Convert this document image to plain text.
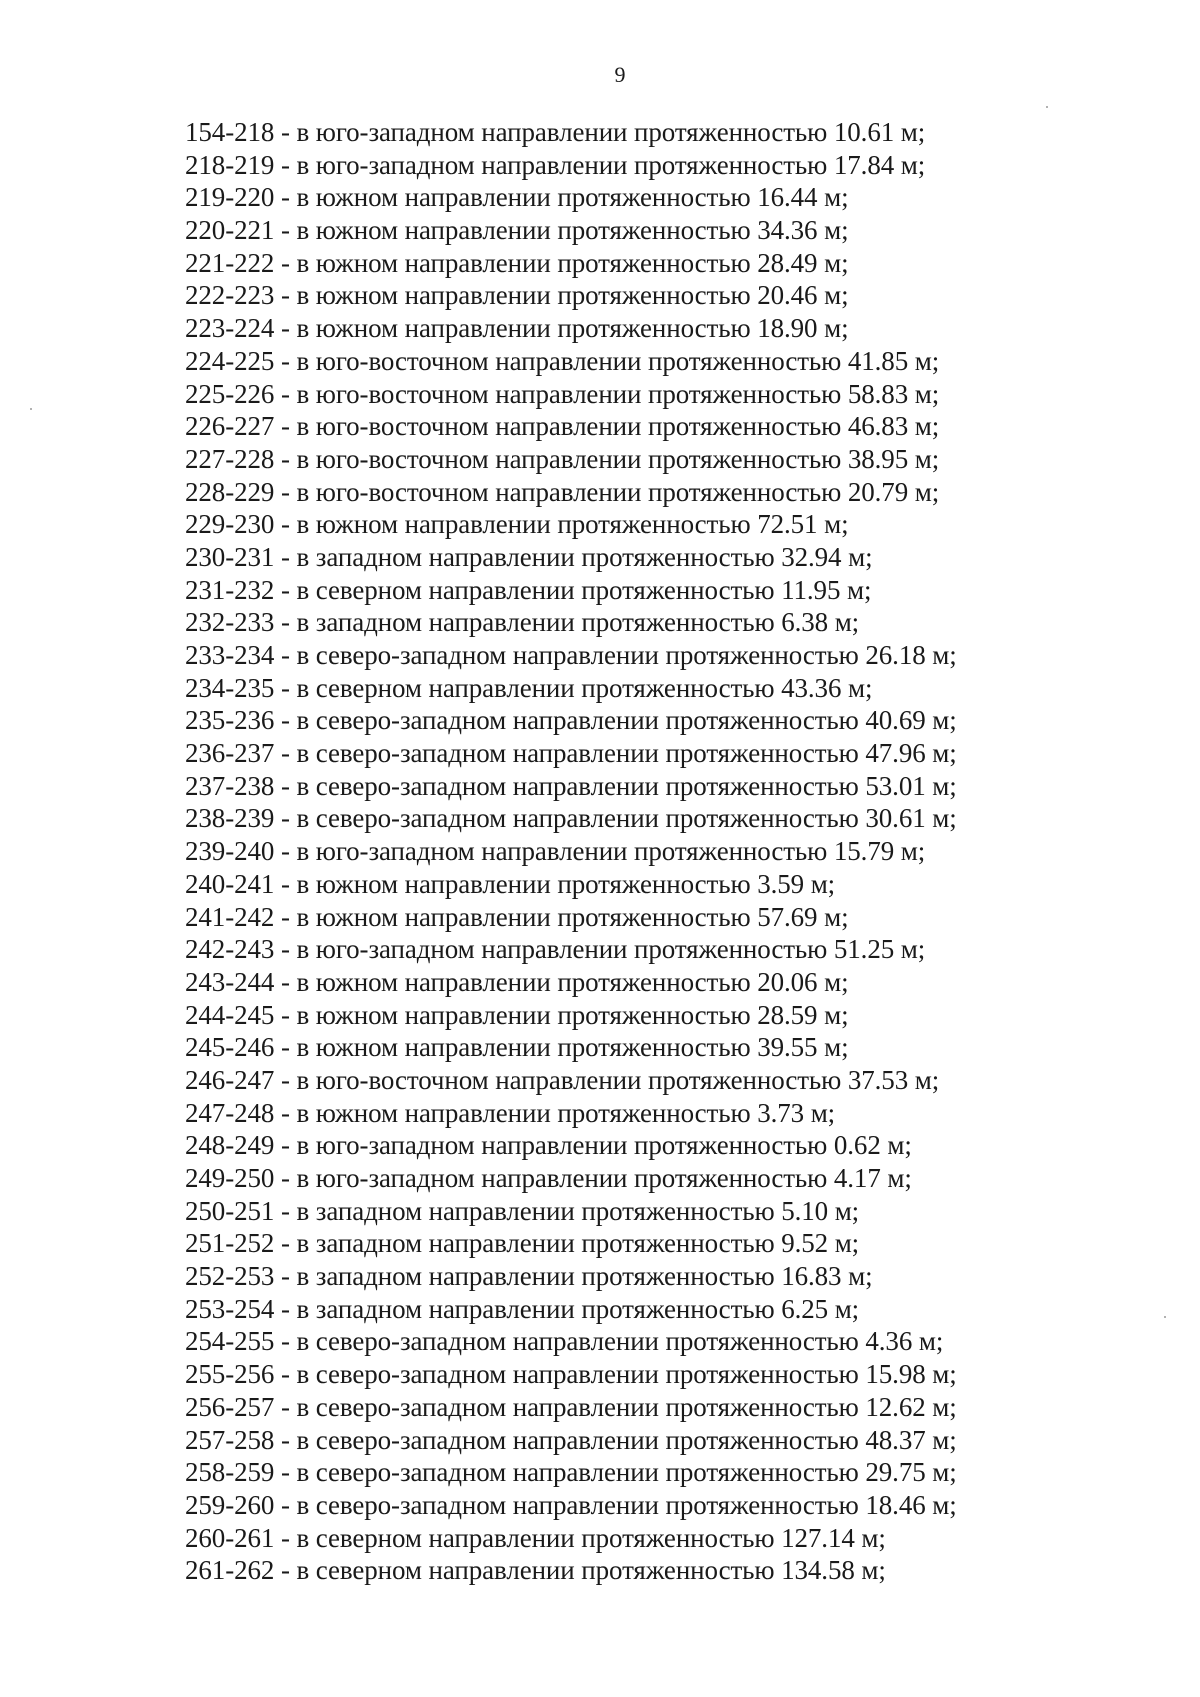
9
154-218 - в юго-западном направлении протяженностью 10.61 м;
218-219 - в юго-западном направлении протяженностью 17.84 м;
219-220 - в южном направлении протяженностью 16.44 м;
220-221 - в южном направлении протяженностью 34.36 м;
221-222 - в южном направлении протяженностью 28.49 м;
222-223 - в южном направлении протяженностью 20.46 м;
223-224 - в южном направлении протяженностью 18.90 м;
224-225 - в юго-восточном направлении протяженностью 41.85 м;
225-226 - в юго-восточном направлении протяженностью 58.83 м;
226-227 - в юго-восточном направлении протяженностью 46.83 м;
227-228 - в юго-восточном направлении протяженностью 38.95 м;
228-229 - в юго-восточном направлении протяженностью 20.79 м;
229-230 - в южном направлении протяженностью 72.51 м;
230-231 - в западном направлении протяженностью 32.94 м;
231-232 - в северном направлении протяженностью 11.95 м;
232-233 - в западном направлении протяженностью 6.38 м;
233-234 - в северо-западном направлении протяженностью 26.18 м;
234-235 - в северном направлении протяженностью 43.36 м;
235-236 - в северо-западном направлении протяженностью 40.69 м;
236-237 - в северо-западном направлении протяженностью 47.96 м;
237-238 - в северо-западном направлении протяженностью 53.01 м;
238-239 - в северо-западном направлении протяженностью 30.61 м;
239-240 - в юго-западном направлении протяженностью 15.79 м;
240-241 - в южном направлении протяженностью 3.59 м;
241-242 - в южном направлении протяженностью 57.69 м;
242-243 - в юго-западном направлении протяженностью 51.25 м;
243-244 - в южном направлении протяженностью 20.06 м;
244-245 - в южном направлении протяженностью 28.59 м;
245-246 - в южном направлении протяженностью 39.55 м;
246-247 - в юго-восточном направлении протяженностью 37.53 м;
247-248 - в южном направлении протяженностью 3.73 м;
248-249 - в юго-западном направлении протяженностью 0.62 м;
249-250 - в юго-западном направлении протяженностью 4.17 м;
250-251 - в западном направлении протяженностью 5.10 м;
251-252 - в западном направлении протяженностью 9.52 м;
252-253 - в западном направлении протяженностью 16.83 м;
253-254 - в западном направлении протяженностью 6.25 м;
254-255 - в северо-западном направлении протяженностью 4.36 м;
255-256 - в северо-западном направлении протяженностью 15.98 м;
256-257 - в северо-западном направлении протяженностью 12.62 м;
257-258 - в северо-западном направлении протяженностью 48.37 м;
258-259 - в северо-западном направлении протяженностью 29.75 м;
259-260 - в северо-западном направлении протяженностью 18.46 м;
260-261 - в северном направлении протяженностью 127.14 м;
261-262 - в северном направлении протяженностью 134.58 м;
